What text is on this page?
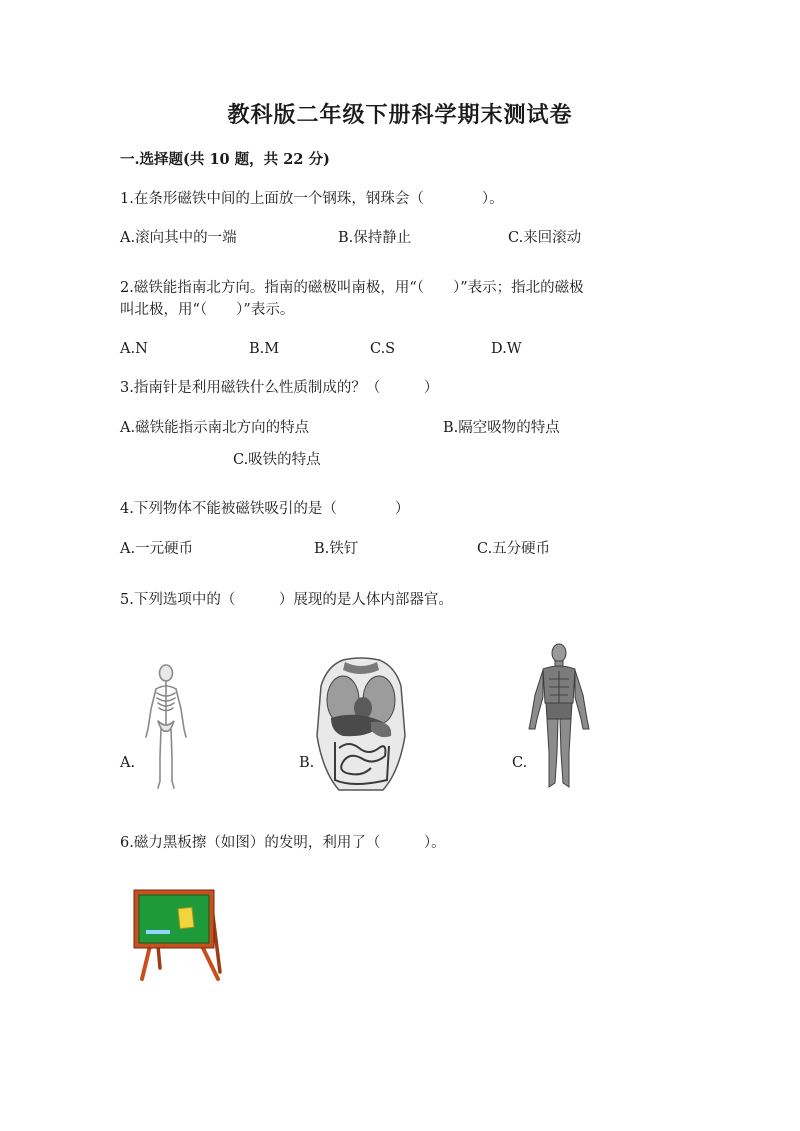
教科版二年级下册科学期末测试卷
一.选择题(共 10 题，共 22 分)
1.在条形磁铁中间的上面放一个钢珠，钢珠会（　　　　）。
A.滚向其中的一端	B.保持静止	C.来回滚动
2.磁铁能指南北方向。指南的磁极叫南极，用“（　　）”表示；指北的磁极
叫北极，用“（　　）”表示。
A.N	B.M	C.S	D.W
3.指南针是利用磁铁什么性质制成的？（　　　）
A.磁铁能指示南北方向的特点	B.隔空吸物的特点
C.吸铁的特点
4.下列物体不能被磁铁吸引的是（　　　　）
A.一元硬币	B.铁钉	C.五分硬币
5.下列选项中的（　　　）展现的是人体内部器官。
A.	B.	C.
6.磁力黑板擦（如图）的发明，利用了（　　　）。
